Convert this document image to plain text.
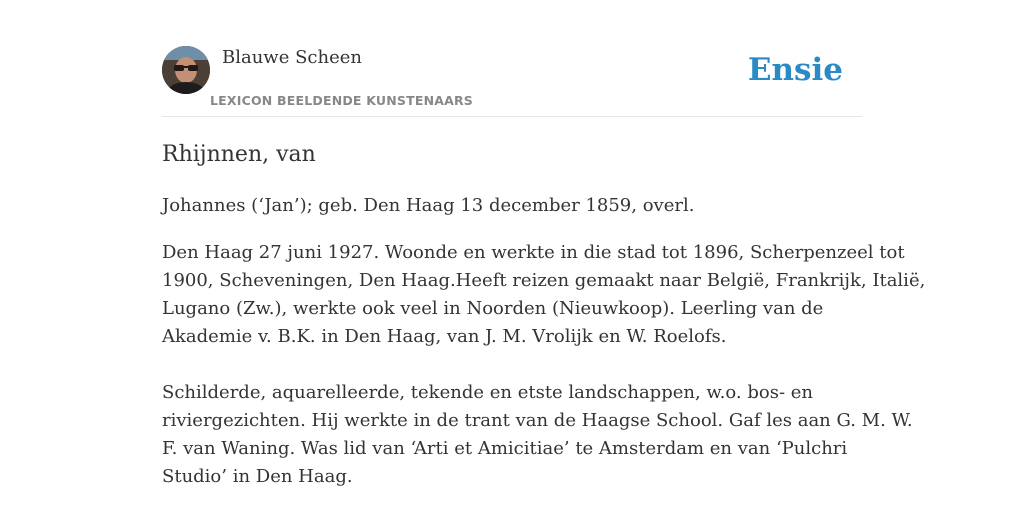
Blauwe Scheen
LEXICON BEELDENDE KUNSTENAARS
Ensie
Rhijnnen, van
Johannes (‘Jan’); geb. Den Haag 13 december 1859, overl.
Den Haag 27 juni 1927. Woonde en werkte in die stad tot 1896, Scherpenzeel tot
1900, Scheveningen, Den Haag.Heeft reizen gemaakt naar België, Frankrijk, Italië,
Lugano (Zw.), werkte ook veel in Noorden (Nieuwkoop). Leerling van de
Akademie v. B.K. in Den Haag, van J. M. Vrolijk en W. Roelofs.
Schilderde, aquarelleerde, tekende en etste landschappen, w.o. bos- en
riviergezichten. Hij werkte in de trant van de Haagse School. Gaf les aan G. M. W.
F. van Waning. Was lid van ‘Arti et Amicitiae’ te Amsterdam en van ‘Pulchri
Studio’ in Den Haag.
